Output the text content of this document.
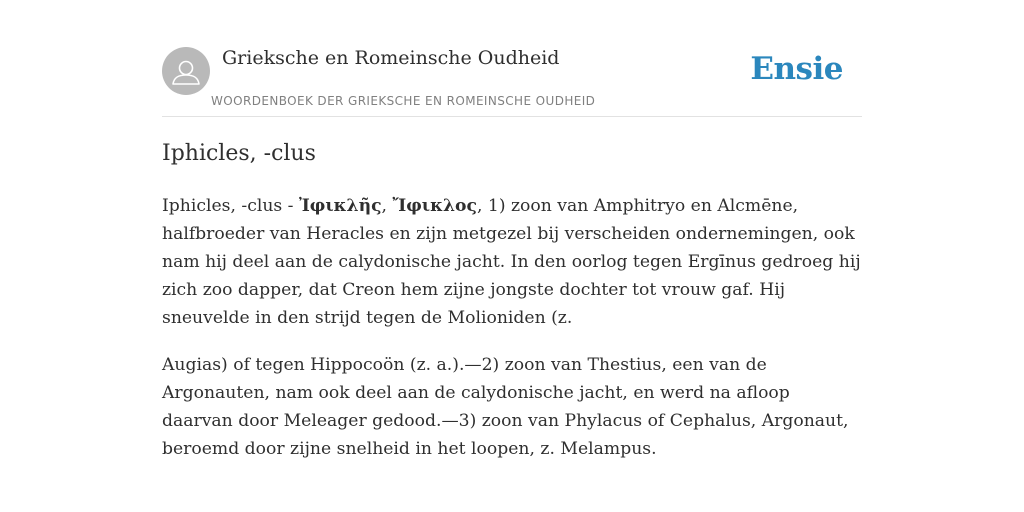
Grieksche en Romeinsche Oudheid
WOORDENBOEK DER GRIEKSCHE EN ROMEINSCHE OUDHEID
Ensie
Iphicles, -clus

Iphicles, -clus - Ἰφικλῆς, Ἴφικλος, 1) zoon van Amphitryo en Alcmēne, halfbroeder van Heracles en zijn metgezel bij verscheiden ondernemingen, ook nam hij deel aan de calydonische jacht. In den oorlog tegen Ergīnus gedroeg hij zich zoo dapper, dat Creon hem zijne jongste dochter tot vrouw gaf. Hij sneuvelde in den strijd tegen de Molioniden (z.

Augias) of tegen Hippocoön (z. a.).—2) zoon van Thestius, een van de Argonauten, nam ook deel aan de calydonische jacht, en werd na afloop daarvan door Meleager gedood.—3) zoon van Phylacus of Cephalus, Argonaut, beroemd door zijne snelheid in het loopen, z. Melampus.
